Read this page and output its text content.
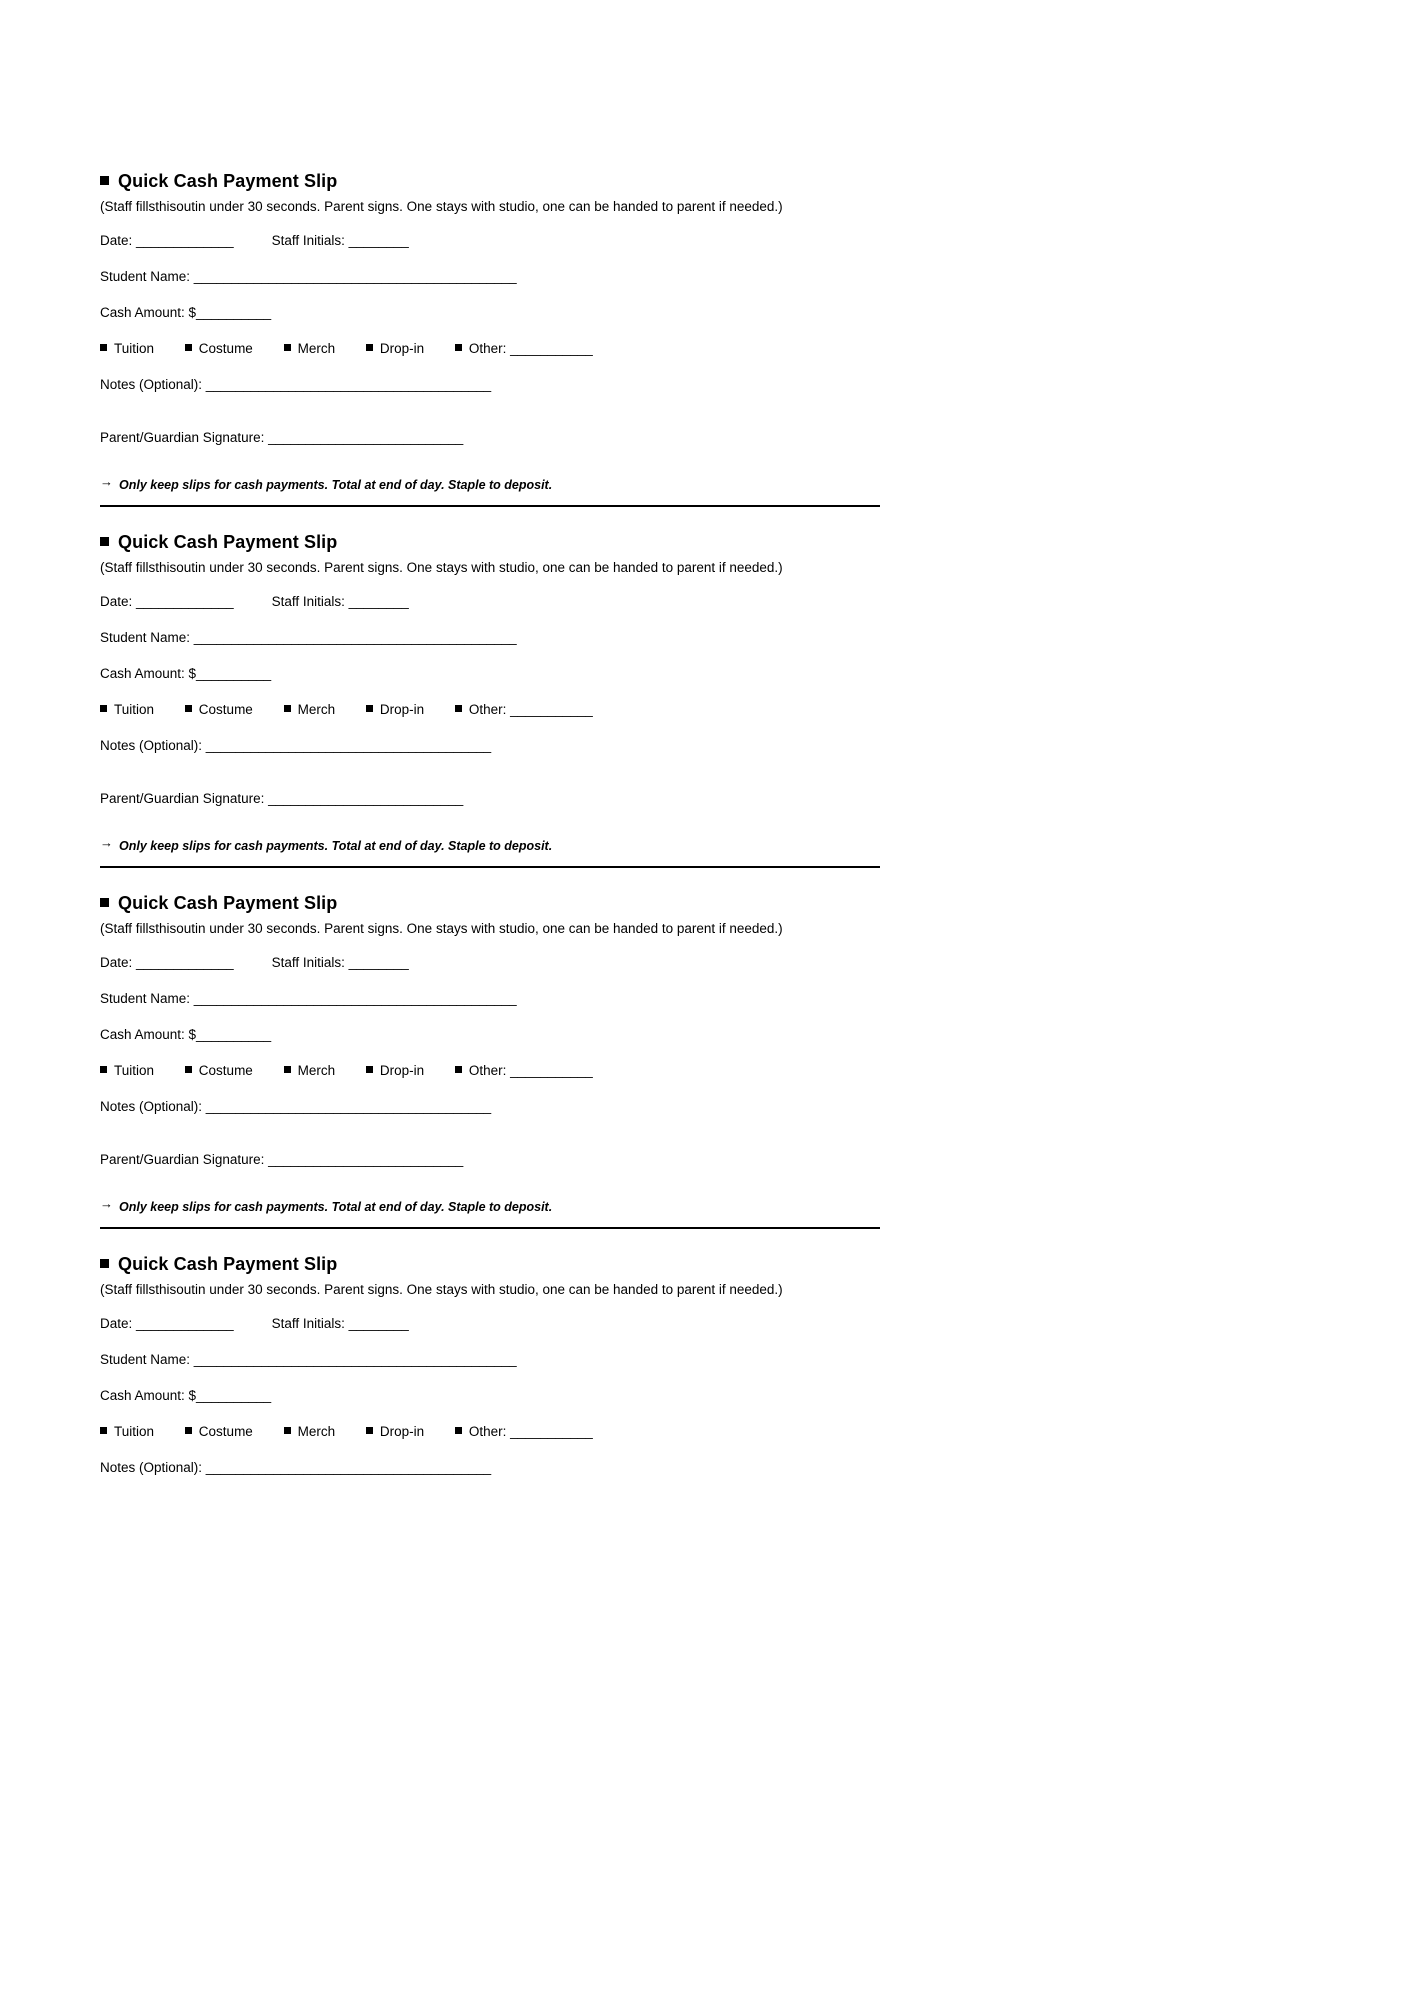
Quick Cash Payment Slip

(Staff fillsthisoutin under 30 seconds. Parent signs. One stays with studio, one can be handed to parent if needed.)

Date: _____________	Staff Initials: ________

Student Name: ___________________________________________

Cash Amount: $__________

Tuition	Costume	Merch	Drop-in	Other: ___________

Notes (Optional): ______________________________________

Parent/Guardian Signature: __________________________

→ Only keep slips for cash payments. Total at end of day. Staple to deposit.

Quick Cash Payment Slip

(Staff fillsthisoutin under 30 seconds. Parent signs. One stays with studio, one can be handed to parent if needed.)

Date: _____________	Staff Initials: ________

Student Name: ___________________________________________

Cash Amount: $__________

Tuition	Costume	Merch	Drop-in	Other: ___________

Notes (Optional): ______________________________________

Parent/Guardian Signature: __________________________

→ Only keep slips for cash payments. Total at end of day. Staple to deposit.

Quick Cash Payment Slip

(Staff fillsthisoutin under 30 seconds. Parent signs. One stays with studio, one can be handed to parent if needed.)

Date: _____________	Staff Initials: ________

Student Name: ___________________________________________

Cash Amount: $__________

Tuition	Costume	Merch	Drop-in	Other: ___________

Notes (Optional): ______________________________________

Parent/Guardian Signature: __________________________

→ Only keep slips for cash payments. Total at end of day. Staple to deposit.

Quick Cash Payment Slip

(Staff fillsthisoutin under 30 seconds. Parent signs. One stays with studio, one can be handed to parent if needed.)

Date: _____________	Staff Initials: ________

Student Name: ___________________________________________

Cash Amount: $__________

Tuition	Costume	Merch	Drop-in	Other: ___________

Notes (Optional): ______________________________________
